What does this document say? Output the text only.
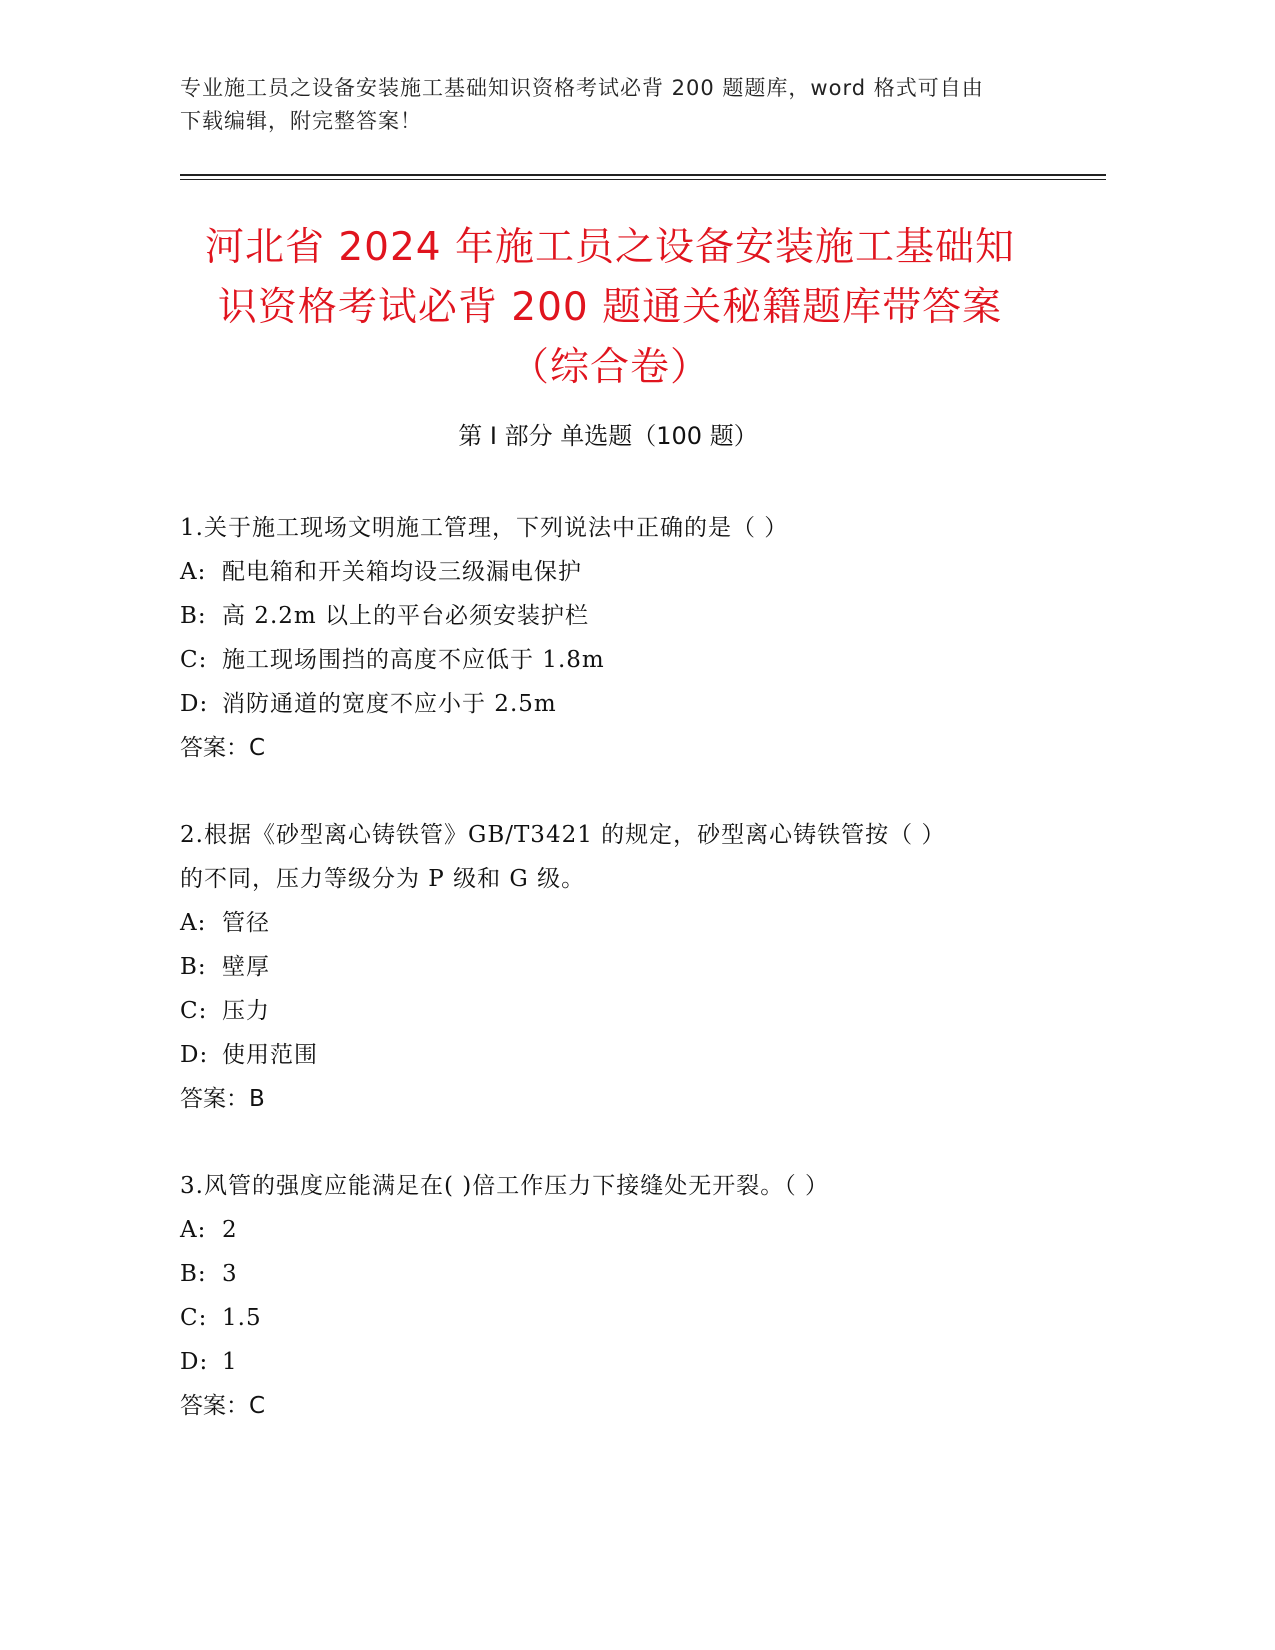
专业施工员之设备安装施工基础知识资格考试必背 200 题题库，word 格式可自由
下载编辑，附完整答案！
河北省 2024 年施工员之设备安装施工基础知
识资格考试必背 200 题通关秘籍题库带答案
（综合卷）
第 I 部分 单选题（100 题）
1.关于施工现场文明施工管理，下列说法中正确的是（ ）
A: 配电箱和开关箱均设三级漏电保护
B: 高 2.2m 以上的平台必须安装护栏
C: 施工现场围挡的高度不应低于 1.8m
D: 消防通道的宽度不应小于 2.5m
答案：C
2.根据《砂型离心铸铁管》GB/T3421 的规定，砂型离心铸铁管按（ ）
的不同，压力等级分为 P 级和 G 级。
A: 管径
B: 壁厚
C: 压力
D: 使用范围
答案：B
3.风管的强度应能满足在( )倍工作压力下接缝处无开裂。（ ）
A: 2
B: 3
C: 1.5
D: 1
答案：C
